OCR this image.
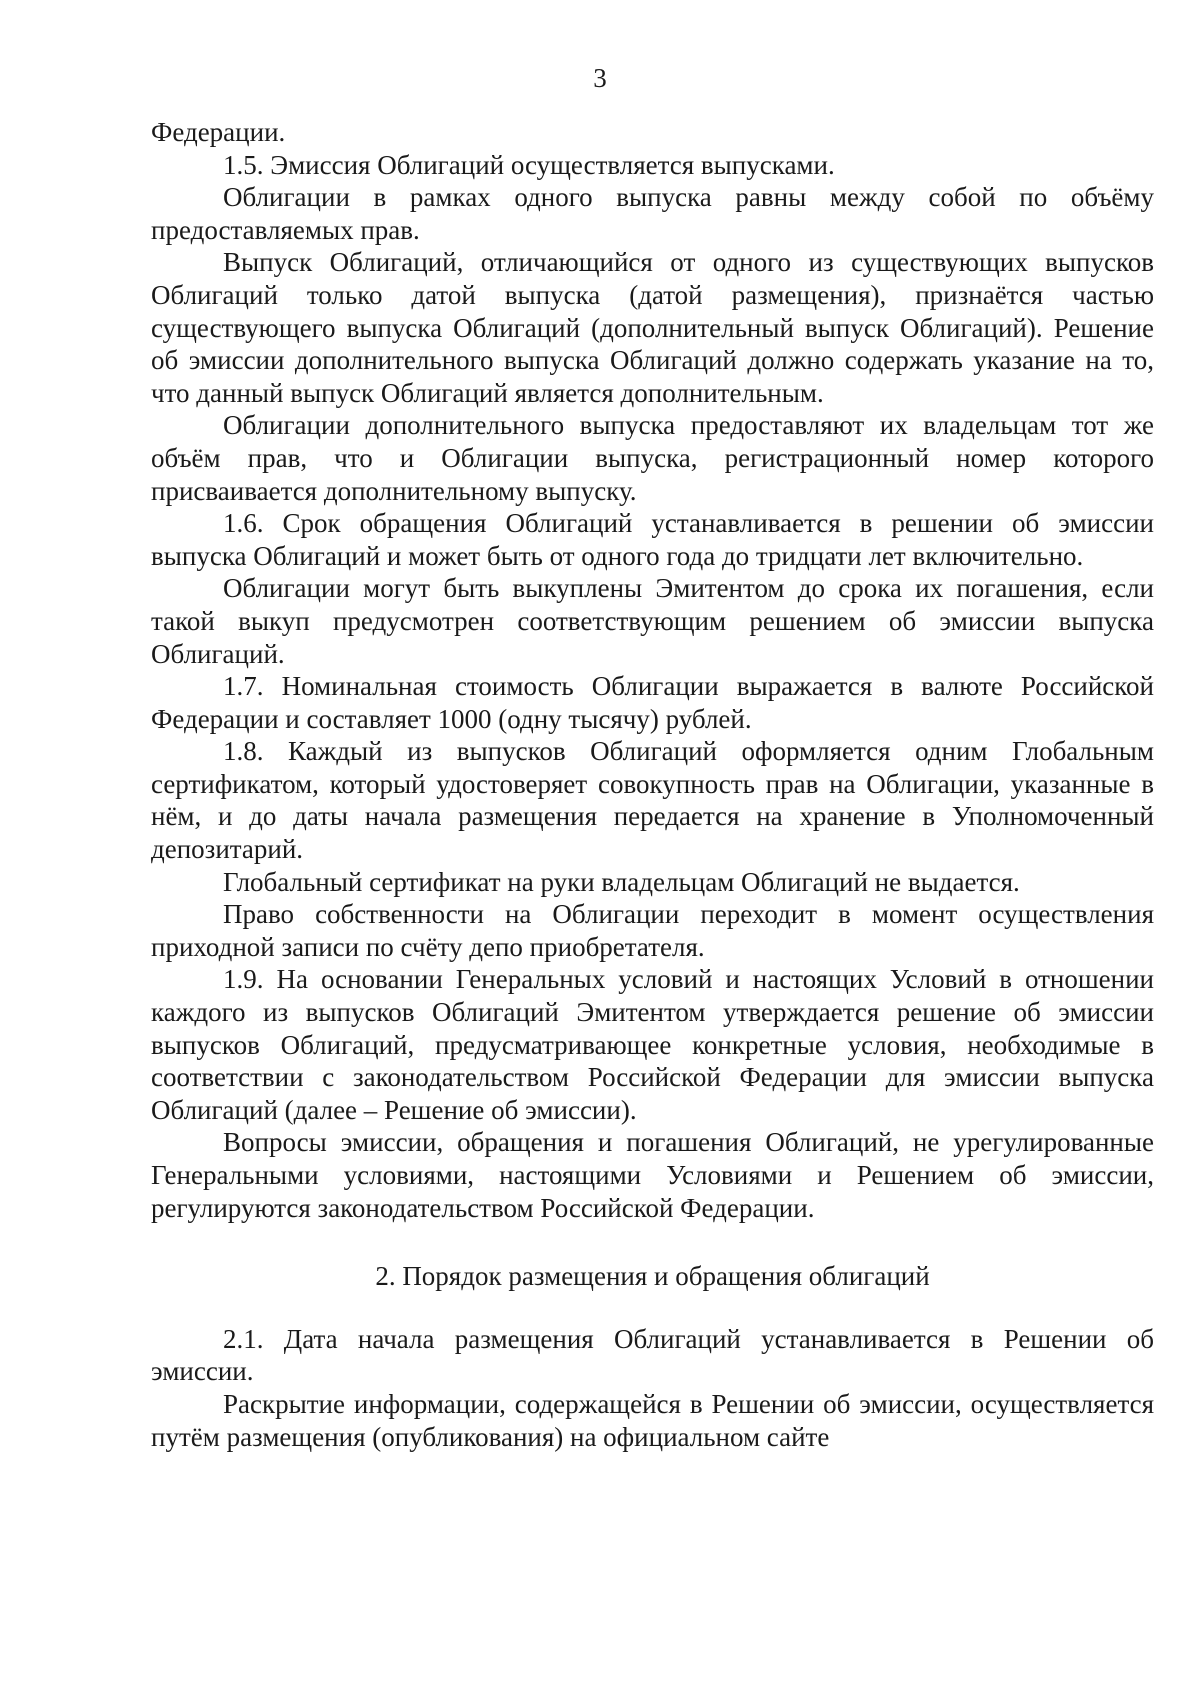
3

Федерации.

1.5. Эмиссия Облигаций осуществляется выпусками.

Облигации в рамках одного выпуска равны между собой по объёму предоставляемых прав.

Выпуск Облигаций, отличающийся от одного из существующих выпусков Облигаций только датой выпуска (датой размещения), признаётся частью существующего выпуска Облигаций (дополнительный выпуск Облигаций). Решение об эмиссии дополнительного выпуска Облигаций должно содержать указание на то, что данный выпуск Облигаций является дополнительным.

Облигации дополнительного выпуска предоставляют их владельцам тот же объём прав, что и Облигации выпуска, регистрационный номер которого присваивается дополнительному выпуску.

1.6. Срок обращения Облигаций устанавливается в решении об эмиссии выпуска Облигаций и может быть от одного года до тридцати лет включительно.

Облигации могут быть выкуплены Эмитентом до срока их погашения, если такой выкуп предусмотрен соответствующим решением об эмиссии выпуска Облигаций.

1.7. Номинальная стоимость Облигации выражается в валюте Российской Федерации и составляет 1000 (одну тысячу) рублей.

1.8. Каждый из выпусков Облигаций оформляется одним Глобальным сертификатом, который удостоверяет совокупность прав на Облигации, указанные в нём, и до даты начала размещения передается на хранение в Уполномоченный депозитарий.

Глобальный сертификат на руки владельцам Облигаций не выдается.

Право собственности на Облигации переходит в момент осуществления приходной записи по счёту депо приобретателя.

1.9. На основании Генеральных условий и настоящих Условий в отношении каждого из выпусков Облигаций Эмитентом утверждается решение об эмиссии выпусков Облигаций, предусматривающее конкретные условия, необходимые в соответствии с законодательством Российской Федерации для эмиссии выпуска Облигаций (далее – Решение об эмиссии).

Вопросы эмиссии, обращения и погашения Облигаций, не урегулированные Генеральными условиями, настоящими Условиями и Решением об эмиссии, регулируются законодательством Российской Федерации.

2. Порядок размещения и обращения облигаций

2.1. Дата начала размещения Облигаций устанавливается в Решении об эмиссии.

Раскрытие информации, содержащейся в Решении об эмиссии, осуществляется путём размещения (опубликования) на официальном сайте
